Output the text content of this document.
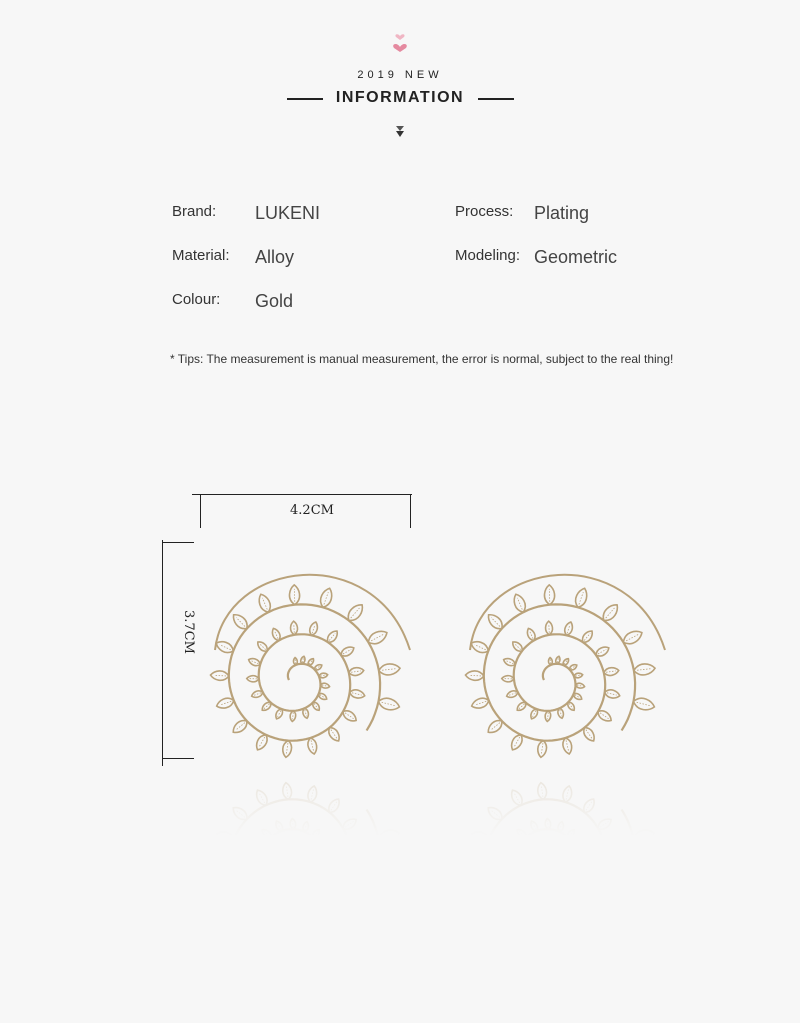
2019 NEW
INFORMATION
Brand: LUKENI
Material: Alloy
Colour: Gold
Process: Plating
Modeling: Geometric
* Tips: The measurement is manual measurement, the error is normal, subject to the real thing!
4.2CM
3.7CM
